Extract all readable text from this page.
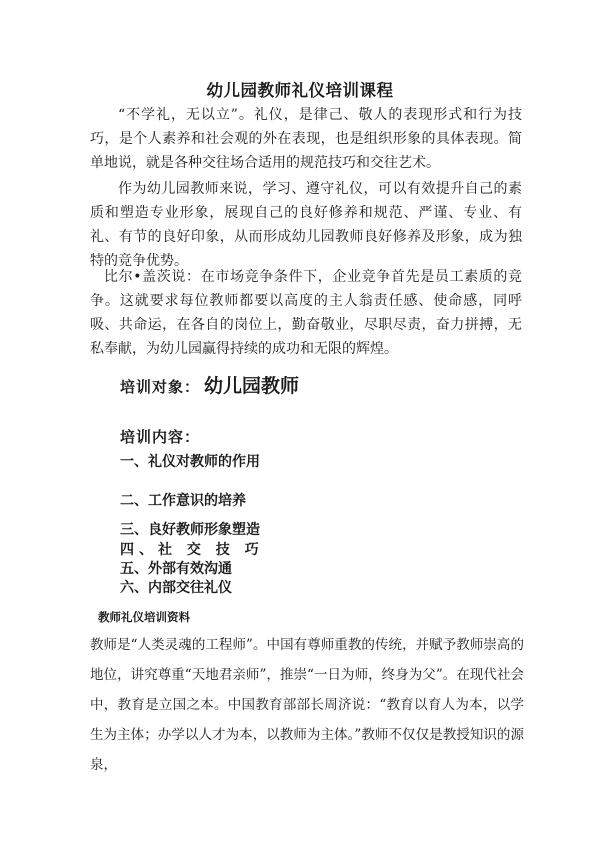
幼儿园教师礼仪培训课程

“不学礼，无以立”。礼仪，是律己、敬人的表现形式和行为技巧，是个人素养和社会观的外在表现，也是组织形象的具体表现。简单地说，就是各种交往场合适用的规范技巧和交往艺术。

作为幼儿园教师来说，学习、遵守礼仪，可以有效提升自己的素质和塑造专业形象，展现自己的良好修养和规范、严谨、专业、有礼、有节的良好印象，从而形成幼儿园教师良好修养及形象，成为独特的竞争优势。

比尔•盖茨说：在市场竞争条件下，企业竞争首先是员工素质的竞争。这就要求每位教师都要以高度的主人翁责任感、使命感，同呼吸、共命运，在各自的岗位上，勤奋敬业，尽职尽责，奋力拼搏，无私奉献，为幼儿园赢得持续的成功和无限的辉煌。

培训对象： 幼儿园教师
培训内容：
一、礼仪对教师的作用
二、工作意识的培养
三、良好教师形象塑造
四、社 交 技 巧
五、外部有效沟通
六、内部交往礼仪
教师礼仪培训资料

教师是“人类灵魂的工程师”。中国有尊师重教的传统，并赋予教师崇高的地位，讲究尊重“天地君亲师”，推崇“一日为师，终身为父”。在现代社会中，教育是立国之本。中国教育部部长周济说：“教育以育人为本，以学生为主体；办学以人才为本，以教师为主体。”教师不仅仅是教授知识的源泉，
